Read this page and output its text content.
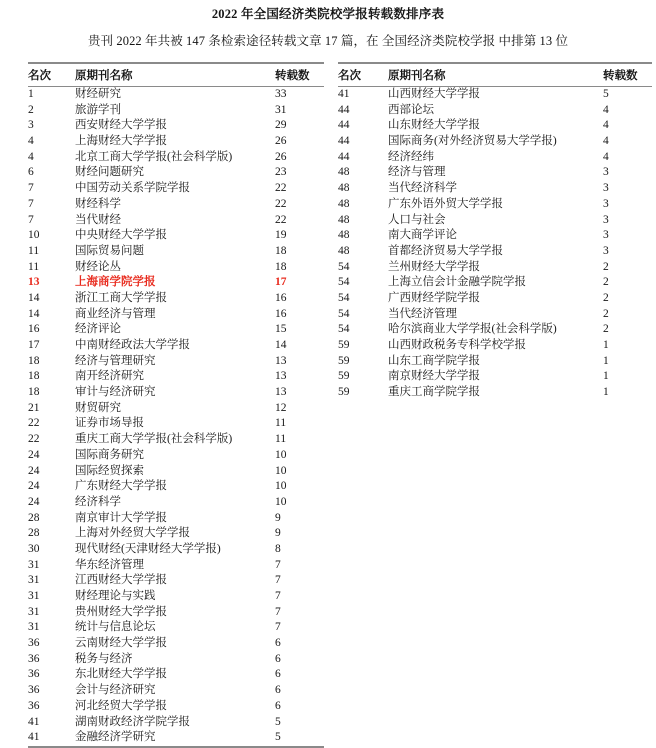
2022 年全国经济类院校学报转载数排序表

贵刊 2022 年共被 147 条检索途径转载文章 17 篇，在 全国经济类院校学报 中排第 13 位

名次	原期刊名称	转载数
1	财经研究	33
2	旅游学刊	31
3	西安财经大学学报	29
4	上海财经大学学报	26
4	北京工商大学学报(社会科学版)	26
6	财经问题研究	23
7	中国劳动关系学院学报	22
7	财经科学	22
7	当代财经	22
10	中央财经大学学报	19
11	国际贸易问题	18
11	财经论丛	18
13	上海商学院学报	17
14	浙江工商大学学报	16
14	商业经济与管理	16
16	经济评论	15
17	中南财经政法大学学报	14
18	经济与管理研究	13
18	南开经济研究	13
18	审计与经济研究	13
21	财贸研究	12
22	证券市场导报	11
22	重庆工商大学学报(社会科学版)	11
24	国际商务研究	10
24	国际经贸探索	10
24	广东财经大学学报	10
24	经济科学	10
28	南京审计大学学报	9
28	上海对外经贸大学学报	9
30	现代财经(天津财经大学学报)	8
31	华东经济管理	7
31	江西财经大学学报	7
31	财经理论与实践	7
31	贵州财经大学学报	7
31	统计与信息论坛	7
36	云南财经大学学报	6
36	税务与经济	6
36	东北财经大学学报	6
36	会计与经济研究	6
36	河北经贸大学学报	6
41	湖南财政经济学院学报	5
41	金融经济学研究	5
名次	原期刊名称	转载数
41	山西财经大学学报	5
44	西部论坛	4
44	山东财经大学学报	4
44	国际商务(对外经济贸易大学学报)	4
44	经济经纬	4
48	经济与管理	3
48	当代经济科学	3
48	广东外语外贸大学学报	3
48	人口与社会	3
48	南大商学评论	3
48	首都经济贸易大学学报	3
54	兰州财经大学学报	2
54	上海立信会计金融学院学报	2
54	广西财经学院学报	2
54	当代经济管理	2
54	哈尔滨商业大学学报(社会科学版)	2
59	山西财政税务专科学校学报	1
59	山东工商学院学报	1
59	南京财经大学学报	1
59	重庆工商学院学报	1
